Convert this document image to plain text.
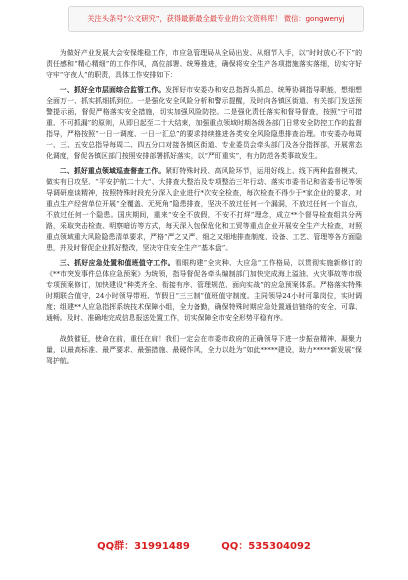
关注头条号“公文研究”，获得最新最全最专业的公文资料库！ 微信：gongwenyj

为做好产业发展大会安保维稳工作，市应急管理局从全局出发、从细节入手，以“时时放心不下”的责任感和“精心精细”的工作作风，高位部署、统筹推进，确保将安全生产各项措施落实落细，切实守好守牢“守夜人”的职责，具体工作安排如下：

一、抓好全市层面综合监管工作。发挥好市安委办和安总指挥头抓总、统筹协调指导职能，想细想全面万一、抓实抓细抓到位。一是强化安全风险分析和警示提醒，及时向各镇区街道、有关部门发送预警提示函，督促严格落实安全措施，切实加强风险防控。二是强化责任落实和督导督查，按照“宁可措重、不可抓漏”的原则，从即日起至二十大结束，加强重点领域时期各级各部门日常安全防控工作的监督指导，严格按照“一日一调度、一日一汇总”的要求持续推进各类安全风险隐患排查治理。市安委办每周一、三、五安总指导每周二、四五分口对接各镇区街道、专业委员会牵头部门及各分指挥部，开展常态化调度，督促各镇区部门按照安排部署抓好落实，以“严盯重实”，有力防范各类事故发生。

二、抓好重点领域巡查督查工作。紧盯特殊时段、高风险环节，运用好线上、线下两种监督模式，做实有日攻坚、“平安护航二十大”、大排查大整治及专项整治三年行动、落实市委书记和省委书记等领导调研座谈精神，按照特殊时段充分深入企业进行*次安全检查，每次检查不得少于*家企业的要求，对重点生产经营单位开展“全覆盖、无死角”隐患排查，坚决不放过任何一个漏洞，不放过任何一个盲点，不放过任何一个隐患。国庆期间，重来“安全不放假，不安不打烊”理念，成立**个督导检查组共分两路，采取突击检查、明察暗访等方式，每天深入包保危化和工贸等重点企业开展安全生产大检查，对照重点领域重大风险隐患清单要求，严格“严之又严、细之又细地排查制度、设备、工艺、管理等各方面隐患，并及时督促企业抓好整改，坚决守住安全生产“基本盘”。

三、抓好应急处置和值班值守工作。看眼构建“全灾种、大应急”工作格局，以贯彻实施新修订的《**市突发事件总体应急预案》为统领，指导督促各牵头编制部门加快完成海上溢油、火灾事故等市级专项预案修订，加快建设“种类齐全、衔接有序、管理规范、面向实战”的应急预案体系。严格落实特殊时期联合值守，24小时领导带班、节假日“三三制”值班值守制度。主同领导24小时可靠岗位，实时调度；组建**人应急指挥系统技术保障小组，全力备勤，确保特殊时期应急处置通信链络的安全、可靠、通畅。及时、准确地完成信息报送处置工作，切实保障全市安全形势平稳有序。

战鼓催征，使命在前，重任在肩！我们一定会在市委市政府的正确领导下进一步振奋精神、凝聚力量，以最高标准、最严要求、最强措施、最硬作风，全力以赴为“如此*****建设，助力*****新发展”保驾护航。

QQ群：31991489	QQ：535304092
